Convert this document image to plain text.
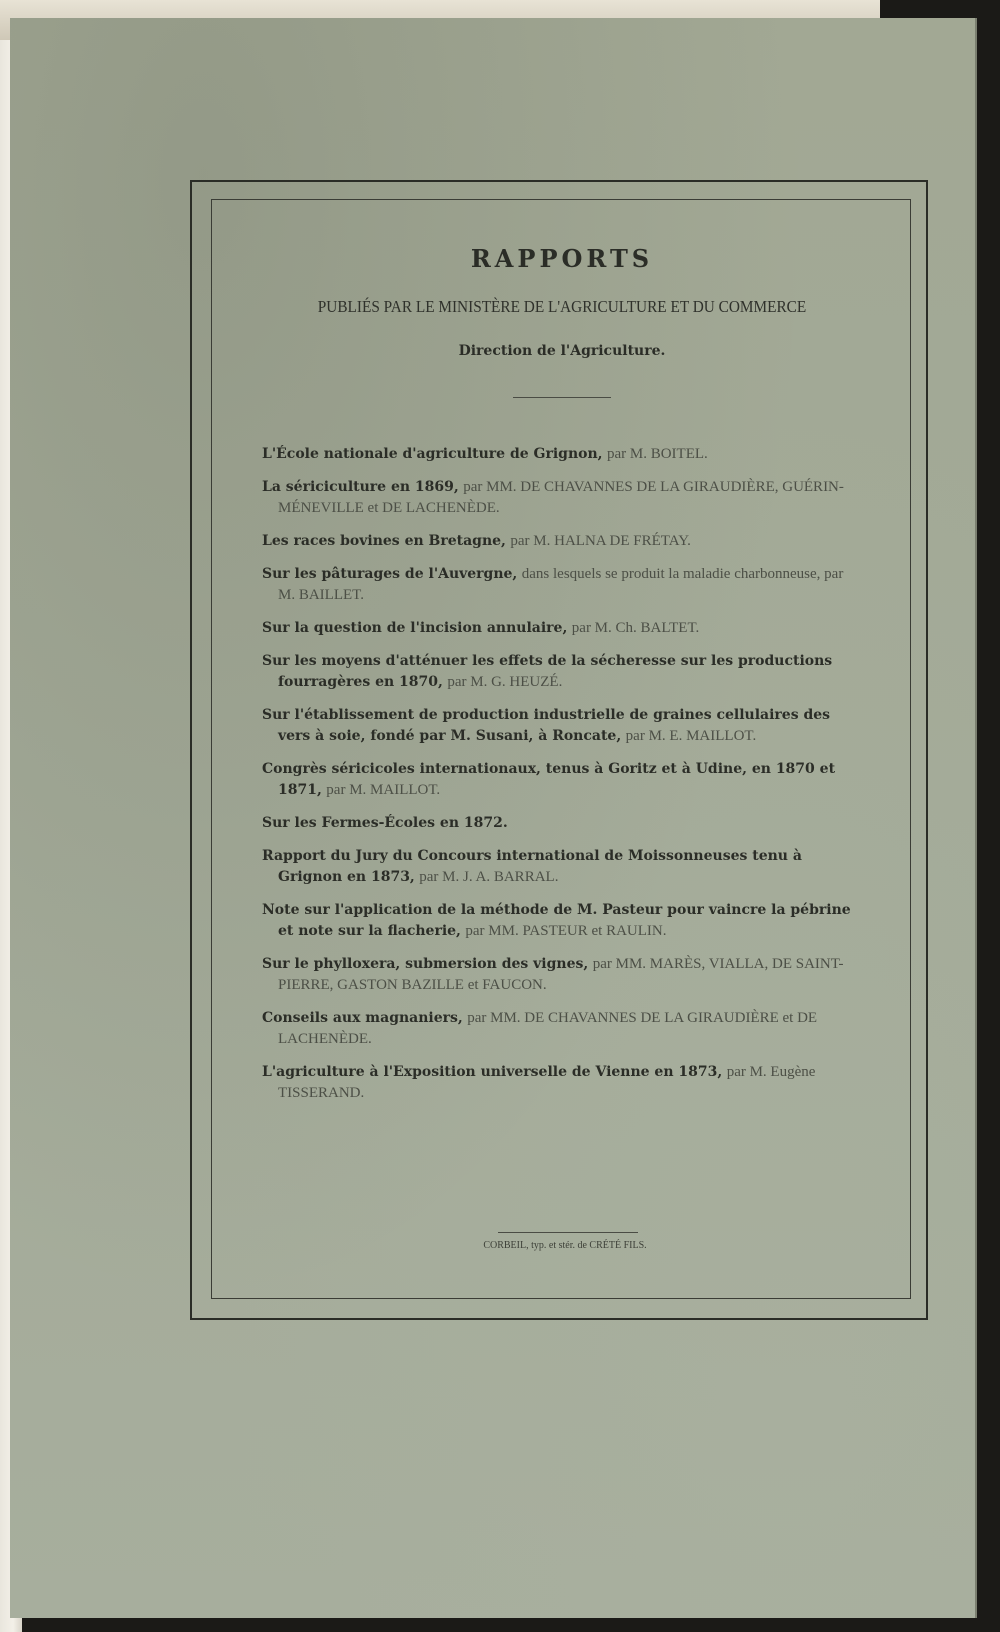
RAPPORTS
PUBLIÉS PAR LE MINISTÈRE DE L'AGRICULTURE ET DU COMMERCE
Direction de l'Agriculture.
L'École nationale d'agriculture de Grignon, par M. BOITEL.
La sériciculture en 1869, par MM. DE CHAVANNES DE LA GIRAUDIÈRE, GUÉRIN-MÉNEVILLE et DE LACHENÈDE.
Les races bovines en Bretagne, par M. HALNA DE FRÉTAY.
Sur les pâturages de l'Auvergne, dans lesquels se produit la maladie charbonneuse, par M. BAILLET.
Sur la question de l'incision annulaire, par M. Ch. BALTET.
Sur les moyens d'atténuer les effets de la sécheresse sur les productions fourragères en 1870, par M. G. HEUZÉ.
Sur l'établissement de production industrielle de graines cellulaires des vers à soie, fondé par M. Susani, à Roncate, par M. E. MAILLOT.
Congrès séricicoles internationaux, tenus à Goritz et à Udine, en 1870 et 1871, par M. MAILLOT.
Sur les Fermes-Écoles en 1872.
Rapport du Jury du Concours international de Moissonneuses tenu à Grignon en 1873, par M. J. A. BARRAL.
Note sur l'application de la méthode de M. Pasteur pour vaincre la pébrine et note sur la flacherie, par MM. PASTEUR et RAULIN.
Sur le phylloxera, submersion des vignes, par MM. MARÈS, VIALLA, DE SAINT-PIERRE, GASTON BAZILLE et FAUCON.
Conseils aux magnaniers, par MM. DE CHAVANNES DE LA GIRAUDIÈRE et DE LACHENÈDE.
L'agriculture à l'Exposition universelle de Vienne en 1873, par M. Eugène TISSERAND.
CORBEIL, typ. et stér. de CRÉTÉ FILS.
